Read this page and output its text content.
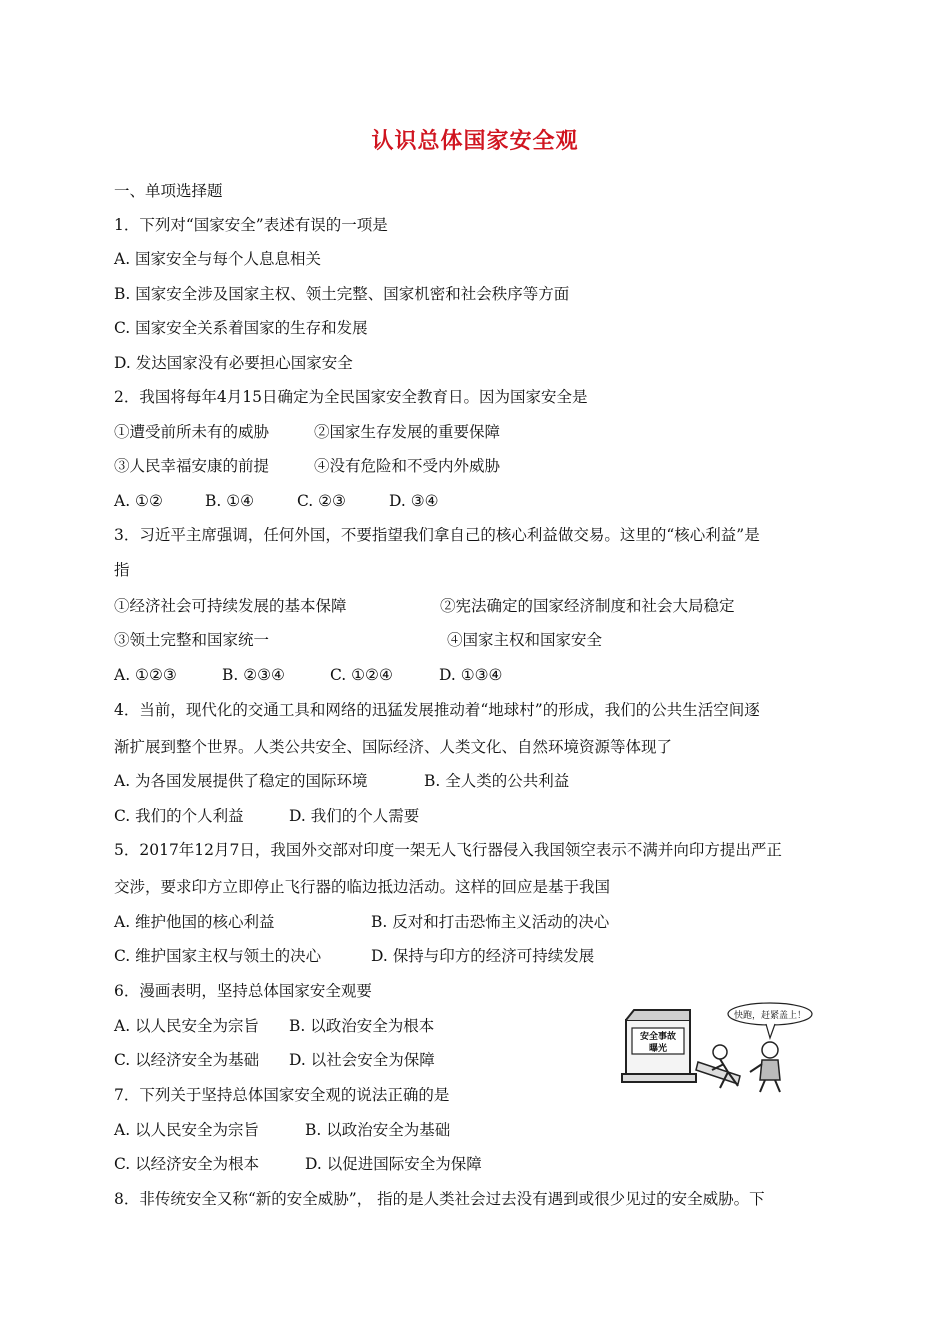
认识总体国家安全观
一、单项选择题
1．下列对“国家安全”表述有误的一项是
A. 国家安全与每个人息息相关
B. 国家安全涉及国家主权、领土完整、国家机密和社会秩序等方面
C. 国家安全关系着国家的生存和发展
D. 发达国家没有必要担心国家安全
2．我国将每年4月15日确定为全民国家安全教育日。因为国家安全是
①遭受前所未有的威胁	②国家生存发展的重要保障
③人民幸福安康的前提	④没有危险和不受内外威胁
A. ①②	B. ①④	C. ②③	D. ③④
3．习近平主席强调，任何外国，不要指望我们拿自己的核心利益做交易。这里的“核心利益”是
指
①经济社会可持续发展的基本保障	②宪法确定的国家经济制度和社会大局稳定
③领土完整和国家统一	④国家主权和国家安全
A. ①②③	B. ②③④	C. ①②④	D. ①③④
4．当前，现代化的交通工具和网络的迅猛发展推动着“地球村”的形成，我们的公共生活空间逐
渐扩展到整个世界。人类公共安全、国际经济、人类文化、自然环境资源等体现了
A. 为各国发展提供了稳定的国际环境	B. 全人类的公共利益
C. 我们的个人利益	D. 我们的个人需要
5．2017年12月7日，我国外交部对印度一架无人飞行器侵入我国领空表示不满并向印方提出严正
交涉，要求印方立即停止飞行器的临边抵边活动。这样的回应是基于我国
A. 维护他国的核心利益	B. 反对和打击恐怖主义活动的决心
C. 维护国家主权与领土的决心	D. 保持与印方的经济可持续发展
6．漫画表明，坚持总体国家安全观要
A. 以人民安全为宗旨 B. 以政治安全为根本
C. 以经济安全为基础 D. 以社会安全为保障
安全事故
曝光
快跑，赶紧盖上！
7．下列关于坚持总体国家安全观的说法正确的是
A. 以人民安全为宗旨	B. 以政治安全为基础
C. 以经济安全为根本	D. 以促进国际安全为保障
8．非传统安全又称“新的安全威胁”， 指的是人类社会过去没有遇到或很少见过的安全威胁。下
